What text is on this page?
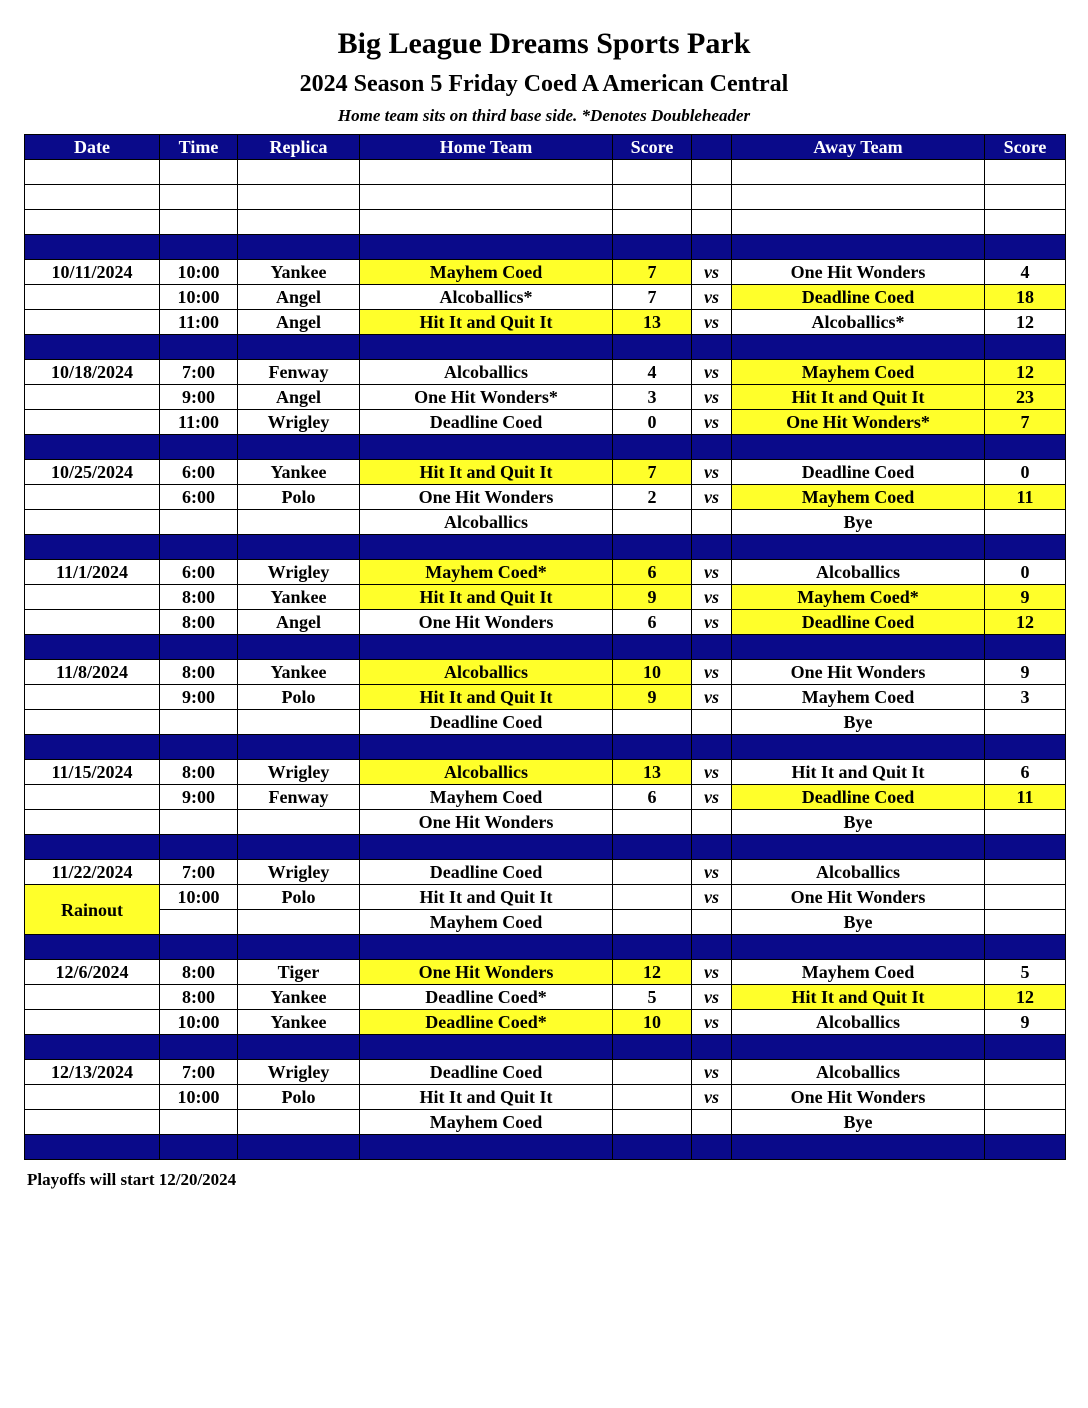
Big League Dreams Sports Park
2024 Season 5 Friday Coed A American Central
Home team sits on third base side. *Denotes Doubleheader
Date	Time	Replica	Home Team	Score		Away Team	Score

10/11/2024	10:00	Yankee	Mayhem Coed	7	vs	One Hit Wonders	4
	10:00	Angel	Alcoballics*	7	vs	Deadline Coed	18
	11:00	Angel	Hit It and Quit It	13	vs	Alcoballics*	12

10/18/2024	7:00	Fenway	Alcoballics	4	vs	Mayhem Coed	12
	9:00	Angel	One Hit Wonders*	3	vs	Hit It and Quit It	23
	11:00	Wrigley	Deadline Coed	0	vs	One Hit Wonders*	7

10/25/2024	6:00	Yankee	Hit It and Quit It	7	vs	Deadline Coed	0
	6:00	Polo	One Hit Wonders	2	vs	Mayhem Coed	11
			Alcoballics			Bye	

11/1/2024	6:00	Wrigley	Mayhem Coed*	6	vs	Alcoballics	0
	8:00	Yankee	Hit It and Quit It	9	vs	Mayhem Coed*	9
	8:00	Angel	One Hit Wonders	6	vs	Deadline Coed	12

11/8/2024	8:00	Yankee	Alcoballics	10	vs	One Hit Wonders	9
	9:00	Polo	Hit It and Quit It	9	vs	Mayhem Coed	3
			Deadline Coed			Bye	

11/15/2024	8:00	Wrigley	Alcoballics	13	vs	Hit It and Quit It	6
	9:00	Fenway	Mayhem Coed	6	vs	Deadline Coed	11
			One Hit Wonders			Bye	

11/22/2024	7:00	Wrigley	Deadline Coed		vs	Alcoballics	
Rainout	10:00	Polo	Hit It and Quit It		vs	One Hit Wonders	
			Mayhem Coed			Bye	

12/6/2024	8:00	Tiger	One Hit Wonders	12	vs	Mayhem Coed	5
	8:00	Yankee	Deadline Coed*	5	vs	Hit It and Quit It	12
	10:00	Yankee	Deadline Coed*	10	vs	Alcoballics	9

12/13/2024	7:00	Wrigley	Deadline Coed		vs	Alcoballics	
	10:00	Polo	Hit It and Quit It		vs	One Hit Wonders	
			Mayhem Coed			Bye	

Playoffs will start 12/20/2024
